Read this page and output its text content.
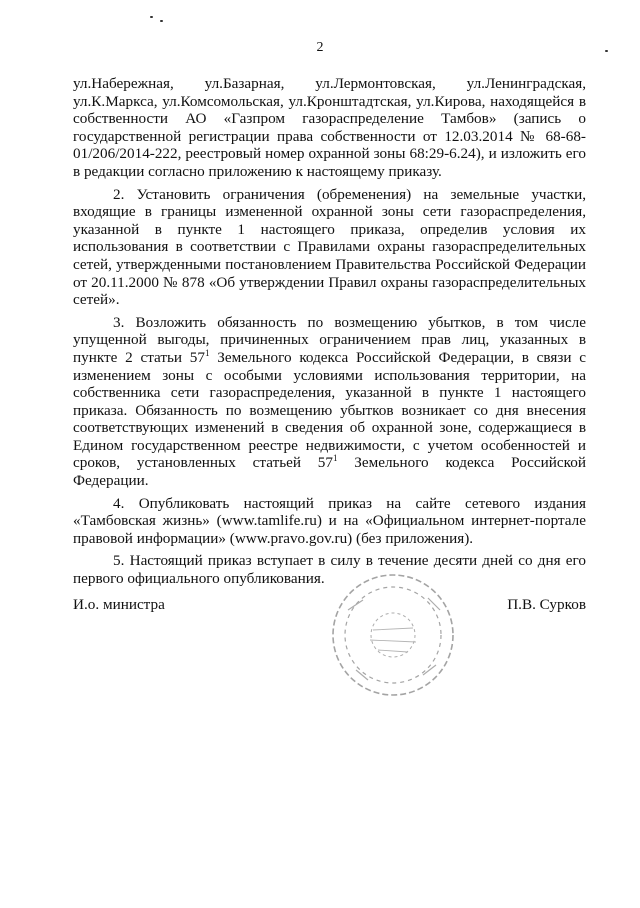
2

ул.Набережная, ул.Базарная, ул.Лермонтовская, ул.Ленинградская, ул.К.Маркса, ул.Комсомольская, ул.Кронштадтская, ул.Кирова, находящейся в собственности АО «Газпром газораспределение Тамбов» (запись о государственной регистрации права собственности от 12.03.2014 № 68-68-01/206/2014-222, реестровый номер охранной зоны 68:29-6.24), и изложить его в редакции согласно приложению к настоящему приказу.

2. Установить ограничения (обременения) на земельные участки, входящие в границы измененной охранной зоны сети газораспределения, указанной в пункте 1 настоящего приказа, определив условия их использования в соответствии с Правилами охраны газораспределительных сетей, утвержденными постановлением Правительства Российской Федерации от 20.11.2000 № 878 «Об утверждении Правил охраны газораспределительных сетей».

3. Возложить обязанность по возмещению убытков, в том числе упущенной выгоды, причиненных ограничением прав лиц, указанных в пункте 2 статьи $57^1$ Земельного кодекса Российской Федерации, в связи с изменением зоны с особыми условиями использования территории, на собственника сети газораспределения, указанной в пункте 1 настоящего приказа. Обязанность по возмещению убытков возникает со дня внесения соответствующих изменений в сведения об охранной зоне, содержащиеся в Едином государственном реестре недвижимости, с учетом особенностей и сроков, установленных статьей $57^1$ Земельного кодекса Российской Федерации.

4. Опубликовать настоящий приказ на сайте сетевого издания «Тамбовская жизнь» (www.tamlife.ru) и на «Официальном интернет-портале правовой информации» (www.pravo.gov.ru) (без приложения).

5. Настоящий приказ вступает в силу в течение десяти дней со дня его первого официального опубликования.

И.о. министра	П.В. Сурков
